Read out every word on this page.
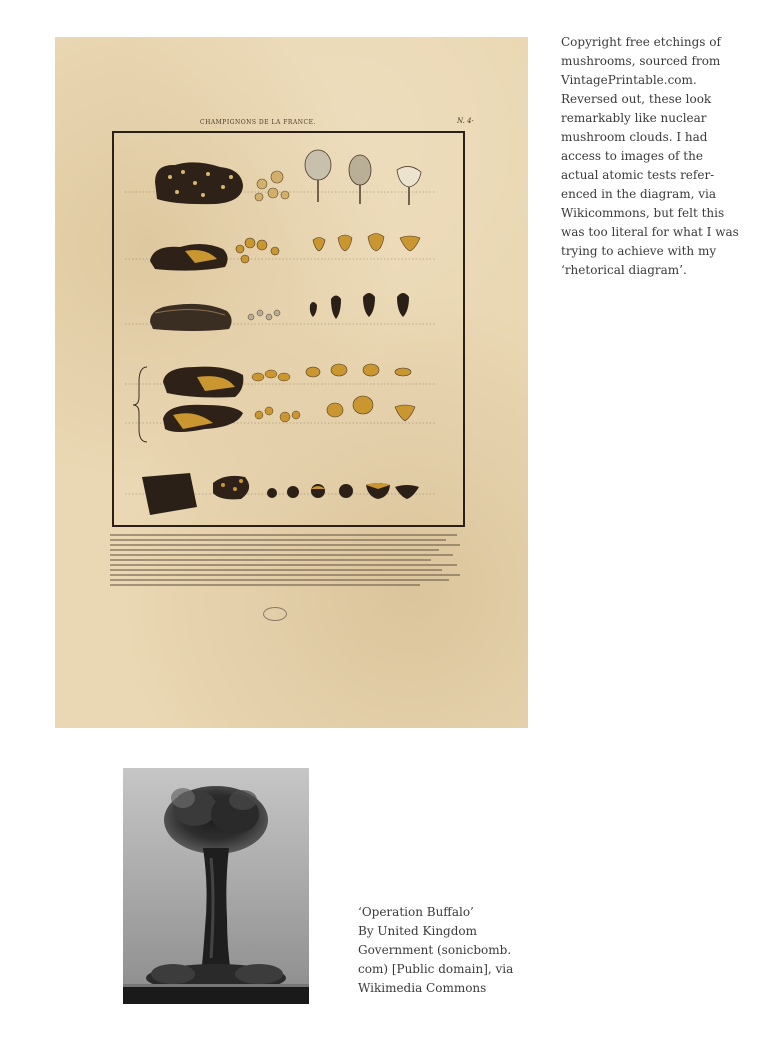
CHAMPIGNONS DE LA FRANCE.	N. 4·
Copyright free etchings of
mushrooms, sourced from
VintagePrintable.com.
Reversed out, these look
remarkably like nuclear
mushroom clouds. I had
access to images of the
actual atomic tests refer-
enced in the diagram, via
Wikicommons, but felt this
was too literal for what I was
trying to achieve with my
‘rhetorical diagram’.
‘Operation Buffalo’
By United Kingdom
Government (sonicbomb.
com) [Public domain], via
Wikimedia Commons
